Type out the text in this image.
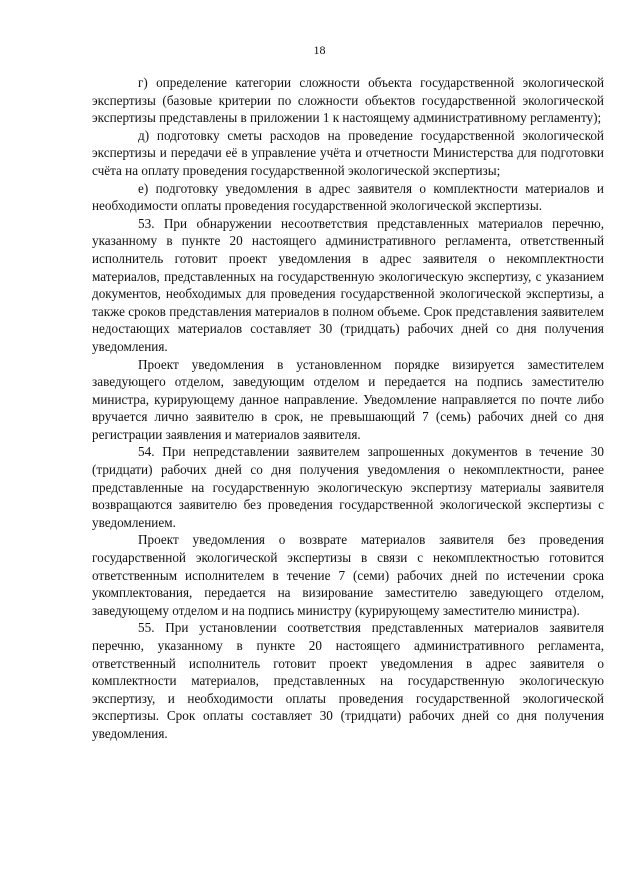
18

г) определение категории сложности объекта государственной экологической экспертизы (базовые критерии по сложности объектов государственной экологической экспертизы представлены в приложении 1 к настоящему административному регламенту);

д) подготовку сметы расходов на проведение государственной экологической экспертизы и передачи её в управление учёта и отчетности Министерства для подготовки счёта на оплату проведения государственной экологической экспертизы;

е) подготовку уведомления в адрес заявителя о комплектности материалов и необходимости оплаты проведения государственной экологической экспертизы.

53. При обнаружении несоответствия представленных материалов перечню, указанному в пункте 20 настоящего административного регламента, ответственный исполнитель готовит проект уведомления в адрес заявителя о некомплектности материалов, представленных на государственную экологическую экспертизу, с указанием документов, необходимых для проведения государственной экологической экспертизы, а также сроков представления материалов в полном объеме. Срок представления заявителем недостающих материалов составляет 30 (тридцать) рабочих дней со дня получения уведомления.

Проект уведомления в установленном порядке визируется заместителем заведующего отделом, заведующим отделом и передается на подпись заместителю министра, курирующему данное направление. Уведомление направляется по почте либо вручается лично заявителю в срок, не превышающий 7 (семь) рабочих дней со дня регистрации заявления и материалов заявителя.

54. При непредставлении заявителем запрошенных документов в течение 30 (тридцати) рабочих дней со дня получения уведомления о некомплектности, ранее представленные на государственную экологическую экспертизу материалы заявителя возвращаются заявителю без проведения государственной экологической экспертизы с уведомлением.

Проект уведомления о возврате материалов заявителя без проведения государственной экологической экспертизы в связи с некомплектностью готовится ответственным исполнителем в течение 7 (семи) рабочих дней по истечении срока укомплектования, передается на визирование заместителю заведующего отделом, заведующему отделом и на подпись министру (курирующему заместителю министра).

55. При установлении соответствия представленных материалов заявителя перечню, указанному в пункте 20 настоящего административного регламента, ответственный исполнитель готовит проект уведомления в адрес заявителя о комплектности материалов, представленных на государственную экологическую экспертизу, и необходимости оплаты проведения государственной экологической экспертизы. Срок оплаты составляет 30 (тридцати) рабочих дней со дня получения уведомления.
